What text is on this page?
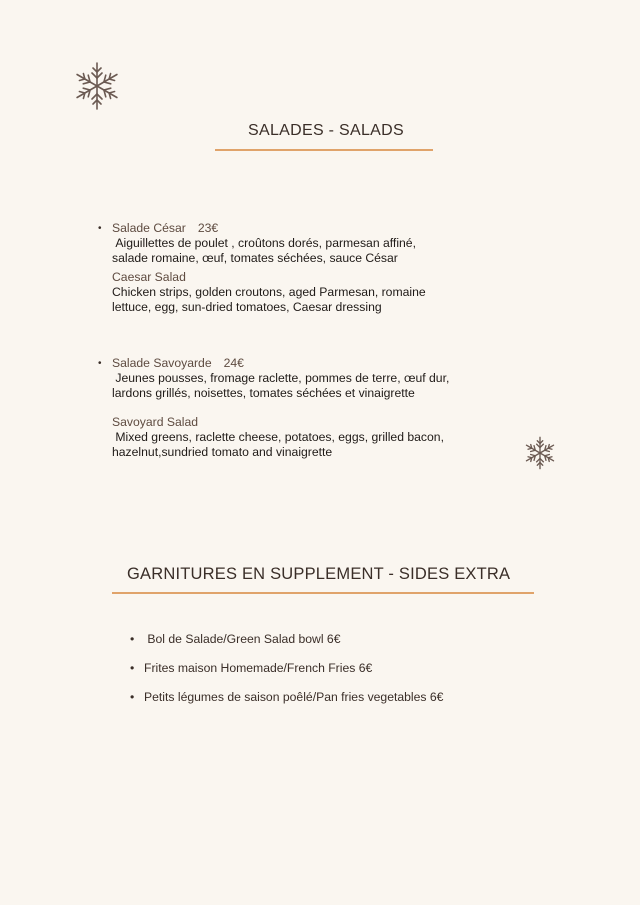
SALADES - SALADS
• Salade César 23€
Aiguillettes de poulet , croûtons dorés, parmesan affiné, salade romaine, œuf, tomates séchées, sauce César
Caesar Salad
Chicken strips, golden croutons, aged Parmesan, romaine lettuce, egg, sun-dried tomatoes, Caesar dressing
• Salade Savoyarde 24€
Jeunes pousses, fromage raclette, pommes de terre, œuf dur, lardons grillés, noisettes, tomates séchées et vinaigrette
Savoyard Salad
Mixed greens, raclette cheese, potatoes, eggs, grilled bacon, hazelnut,sundried tomato and vinaigrette
GARNITURES EN SUPPLEMENT - SIDES EXTRA
• Bol de Salade/Green Salad bowl 6€
• Frites maison Homemade/French Fries 6€
• Petits légumes de saison poêlé/Pan fries vegetables 6€
